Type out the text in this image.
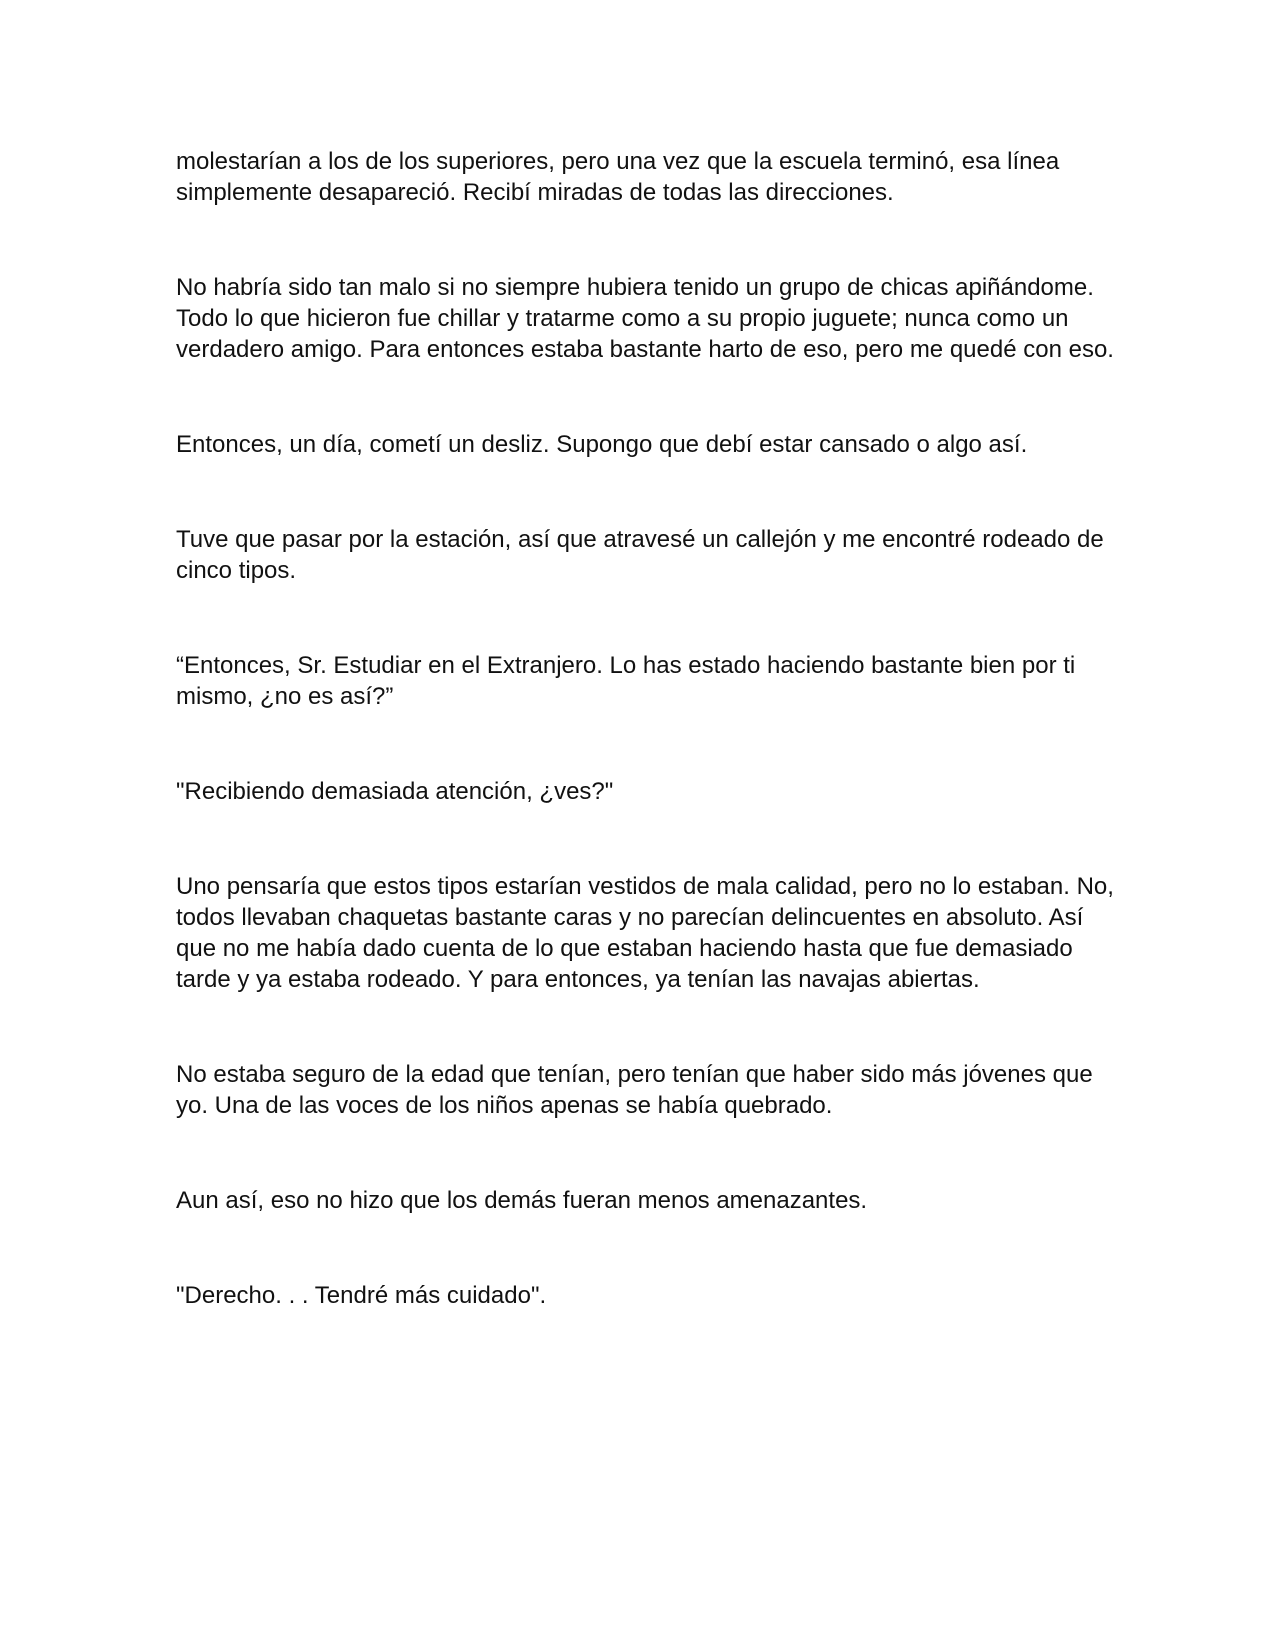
molestarían a los de los superiores, pero una vez que la escuela terminó, esa línea simplemente desapareció. Recibí miradas de todas las direcciones.

No habría sido tan malo si no siempre hubiera tenido un grupo de chicas apiñándome. Todo lo que hicieron fue chillar y tratarme como a su propio juguete; nunca como un verdadero amigo. Para entonces estaba bastante harto de eso, pero me quedé con eso.

Entonces, un día, cometí un desliz. Supongo que debí estar cansado o algo así.

Tuve que pasar por la estación, así que atravesé un callejón y me encontré rodeado de cinco tipos.

“Entonces, Sr. Estudiar en el Extranjero. Lo has estado haciendo bastante bien por ti mismo, ¿no es así?”

"Recibiendo demasiada atención, ¿ves?"

Uno pensaría que estos tipos estarían vestidos de mala calidad, pero no lo estaban. No, todos llevaban chaquetas bastante caras y no parecían delincuentes en absoluto. Así que no me había dado cuenta de lo que estaban haciendo hasta que fue demasiado tarde y ya estaba rodeado. Y para entonces, ya tenían las navajas abiertas.

No estaba seguro de la edad que tenían, pero tenían que haber sido más jóvenes que yo. Una de las voces de los niños apenas se había quebrado.

Aun así, eso no hizo que los demás fueran menos amenazantes.

"Derecho. . . Tendré más cuidado".
